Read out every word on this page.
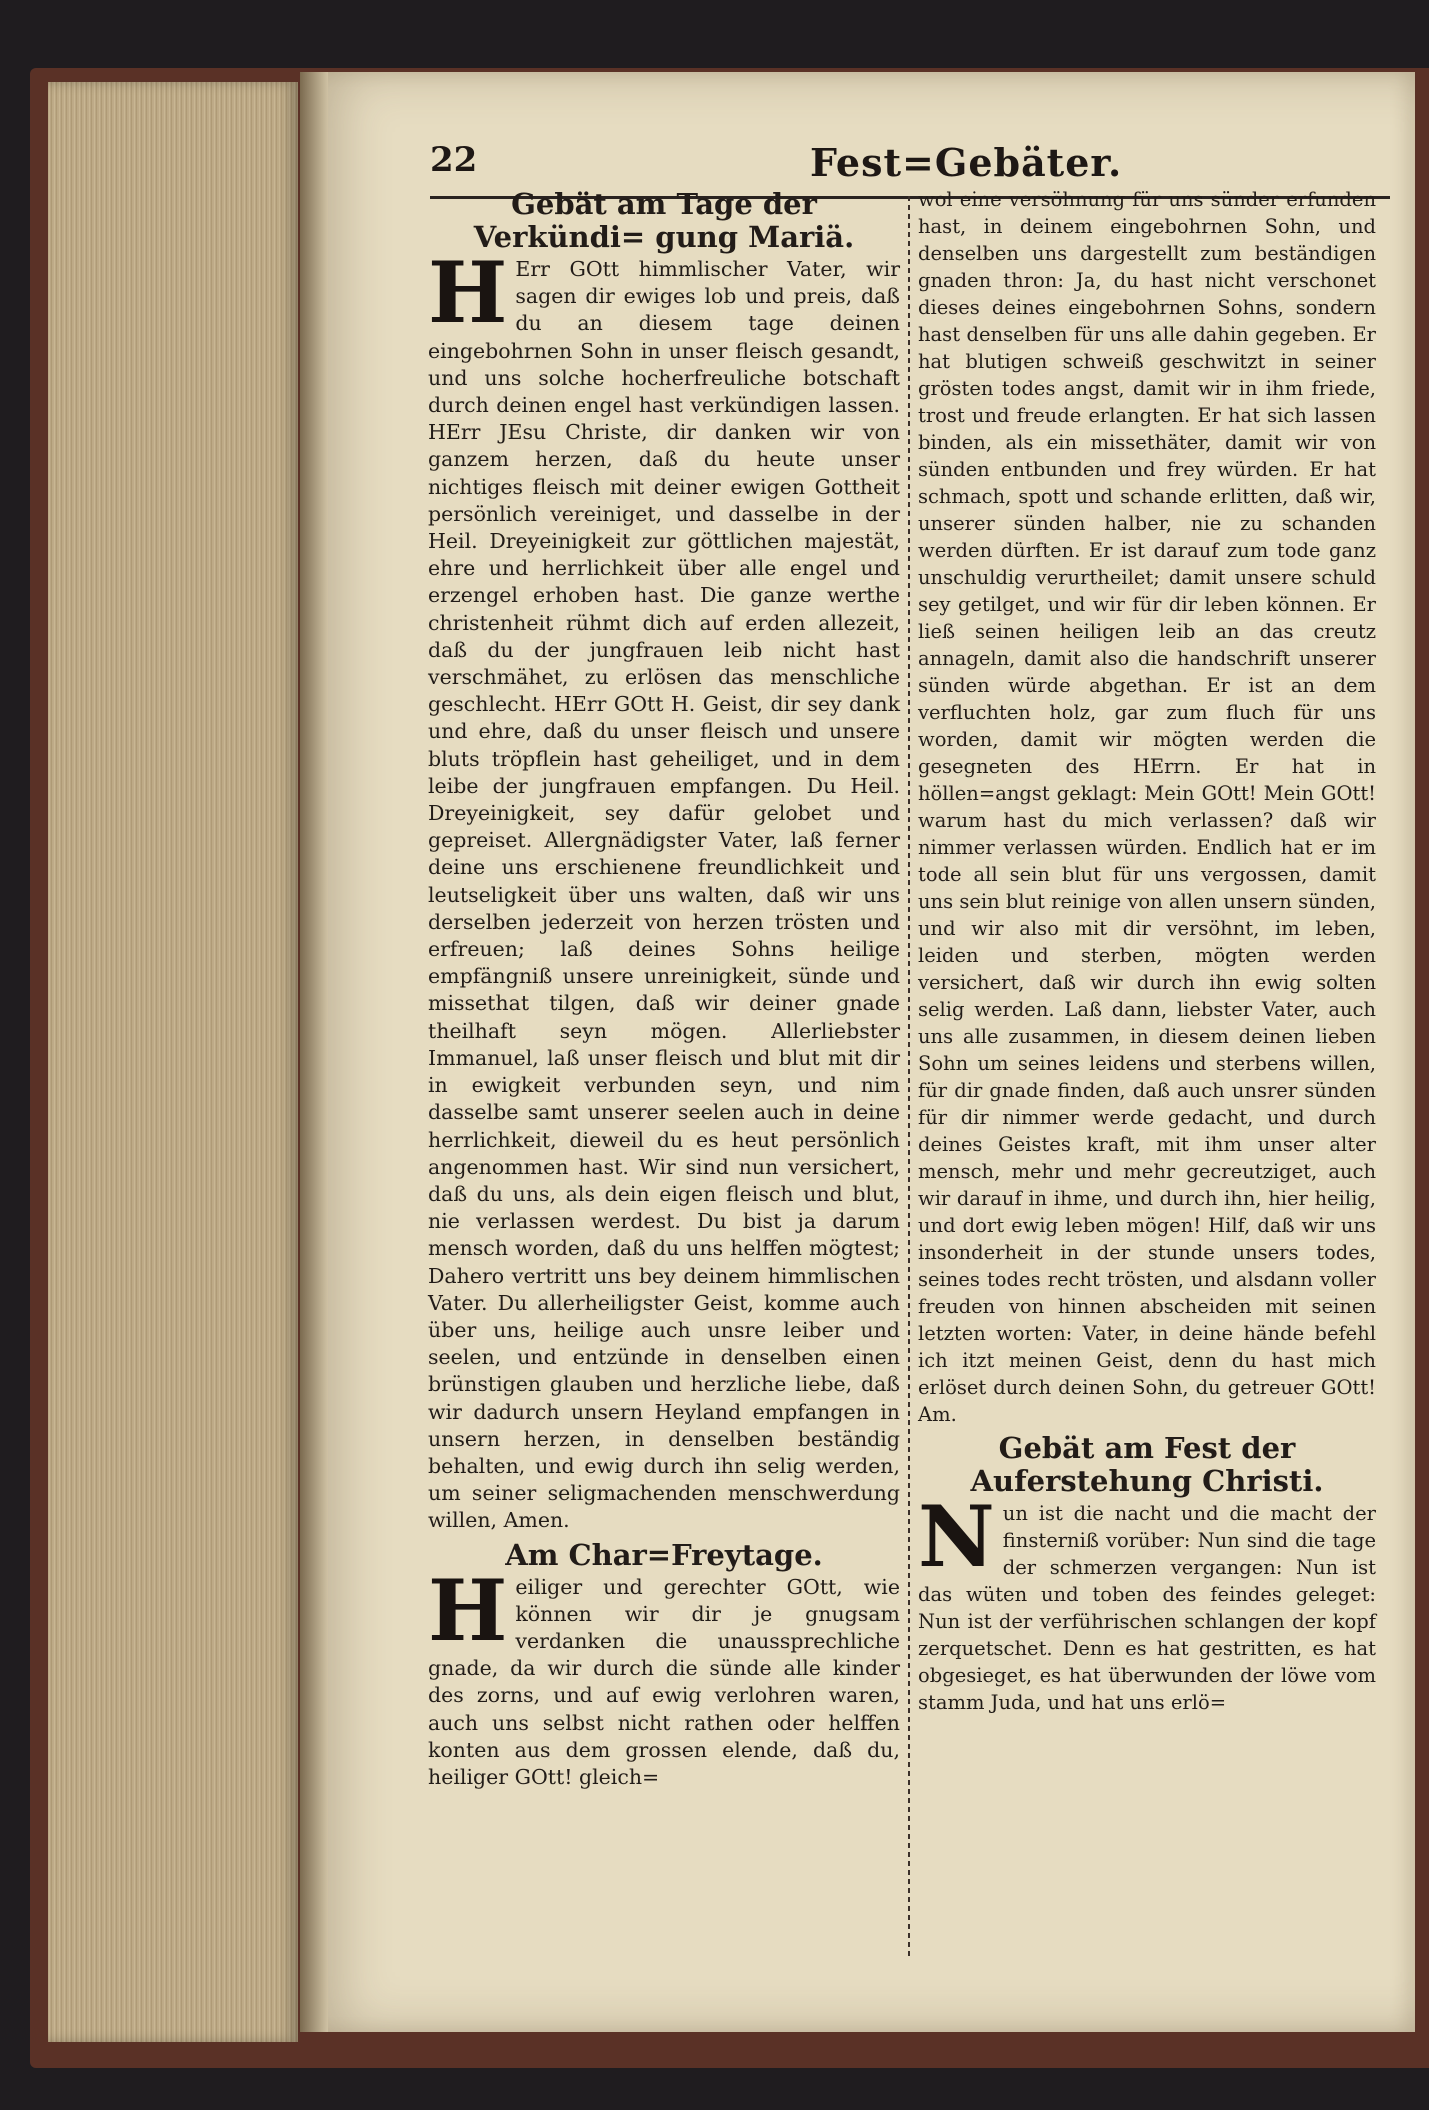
22	Fest=Gebäter.
Gebät am Tage der Verkündi= gung Mariä.

H Err GOtt himmlischer Vater, wir sagen dir ewiges lob und preis, daß du an diesem tage deinen eingebohrnen Sohn in unser fleisch gesandt, und uns solche hocherfreuliche botschaft durch deinen engel hast verkündigen lassen. HErr JEsu Christe, dir danken wir von ganzem herzen, daß du heute unser nichtiges fleisch mit deiner ewigen Gottheit persönlich vereiniget, und dasselbe in der Heil. Dreyeinigkeit zur göttlichen majestät, ehre und herrlichkeit über alle engel und erzengel erhoben hast. Die ganze werthe christenheit rühmt dich auf erden allezeit, daß du der jungfrauen leib nicht hast verschmähet, zu erlösen das menschliche geschlecht. HErr GOtt H. Geist, dir sey dank und ehre, daß du unser fleisch und unsere bluts tröpflein hast geheiliget, und in dem leibe der jungfrauen empfangen. Du Heil. Dreyeinigkeit, sey dafür gelobet und gepreiset. Allergnädigster Vater, laß ferner deine uns erschienene freundlichkeit und leutseligkeit über uns walten, daß wir uns derselben jederzeit von herzen trösten und erfreuen; laß deines Sohns heilige empfängniß unsere unreinigkeit, sünde und missethat tilgen, daß wir deiner gnade theilhaft seyn mögen. Allerliebster Immanuel, laß unser fleisch und blut mit dir in ewigkeit verbunden seyn, und nim dasselbe samt unserer seelen auch in deine herrlichkeit, dieweil du es heut persönlich angenommen hast. Wir sind nun versichert, daß du uns, als dein eigen fleisch und blut, nie verlassen werdest. Du bist ja darum mensch worden, daß du uns helffen mögtest; Dahero vertritt uns bey deinem himmlischen Vater. Du allerheiligster Geist, komme auch über uns, heilige auch unsre leiber und seelen, und entzünde in denselben einen brünstigen glauben und herzliche liebe, daß wir dadurch unsern Heyland empfangen in unsern herzen, in denselben beständig behalten, und ewig durch ihn selig werden, um seiner seligmachenden menschwerdung willen, Amen.

Am Char=Freytage.

Heiliger und gerechter GOtt, wie können wir dir je gnugsam verdanken die unaussprechliche gnade, da wir durch die sünde alle kinder des zorns, und auf ewig verlohren waren, auch uns selbst nicht rathen oder helffen konten aus dem grossen elende, daß du, heiliger GOtt! gleich=

wol eine versöhnung für uns sünder erfunden hast, in deinem eingebohrnen Sohn, und denselben uns dargestellt zum beständigen gnaden thron: Ja, du hast nicht verschonet dieses deines eingebohrnen Sohns, sondern hast denselben für uns alle dahin gegeben. Er hat blutigen schweiß geschwitzt in seiner grösten todes angst, damit wir in ihm friede, trost und freude erlangten. Er hat sich lassen binden, als ein missethäter, damit wir von sünden entbunden und frey würden. Er hat schmach, spott und schande erlitten, daß wir, unserer sünden halber, nie zu schanden werden dürften. Er ist darauf zum tode ganz unschuldig verurtheilet; damit unsere schuld sey getilget, und wir für dir leben können. Er ließ seinen heiligen leib an das creutz annageln, damit also die handschrift unserer sünden würde abgethan. Er ist an dem verfluchten holz, gar zum fluch für uns worden, damit wir mögten werden die gesegneten des HErrn. Er hat in höllen=angst geklagt: Mein GOtt! Mein GOtt! warum hast du mich verlassen? daß wir nimmer verlassen würden. Endlich hat er im tode all sein blut für uns vergossen, damit uns sein blut reinige von allen unsern sünden, und wir also mit dir versöhnt, im leben, leiden und sterben, mögten werden versichert, daß wir durch ihn ewig solten selig werden. Laß dann, liebster Vater, auch uns alle zusammen, in diesem deinen lieben Sohn um seines leidens und sterbens willen, für dir gnade finden, daß auch unsrer sünden für dir nimmer werde gedacht, und durch deines Geistes kraft, mit ihm unser alter mensch, mehr und mehr gecreutziget, auch wir darauf in ihme, und durch ihn, hier heilig, und dort ewig leben mögen! Hilf, daß wir uns insonderheit in der stunde unsers todes, seines todes recht trösten, und alsdann voller freuden von hinnen abscheiden mit seinen letzten worten: Vater, in deine hände befehl ich itzt meinen Geist, denn du hast mich erlöset durch deinen Sohn, du getreuer GOtt! Am.

Gebät am Fest der Auferstehung Christi.

Nun ist die nacht und die macht der finsterniß vorüber: Nun sind die tage der schmerzen vergangen: Nun ist das wüten und toben des feindes geleget: Nun ist der verführischen schlangen der kopf zerquetschet. Denn es hat gestritten, es hat obgesieget, es hat überwunden der löwe vom stamm Juda, und hat uns erlö=
